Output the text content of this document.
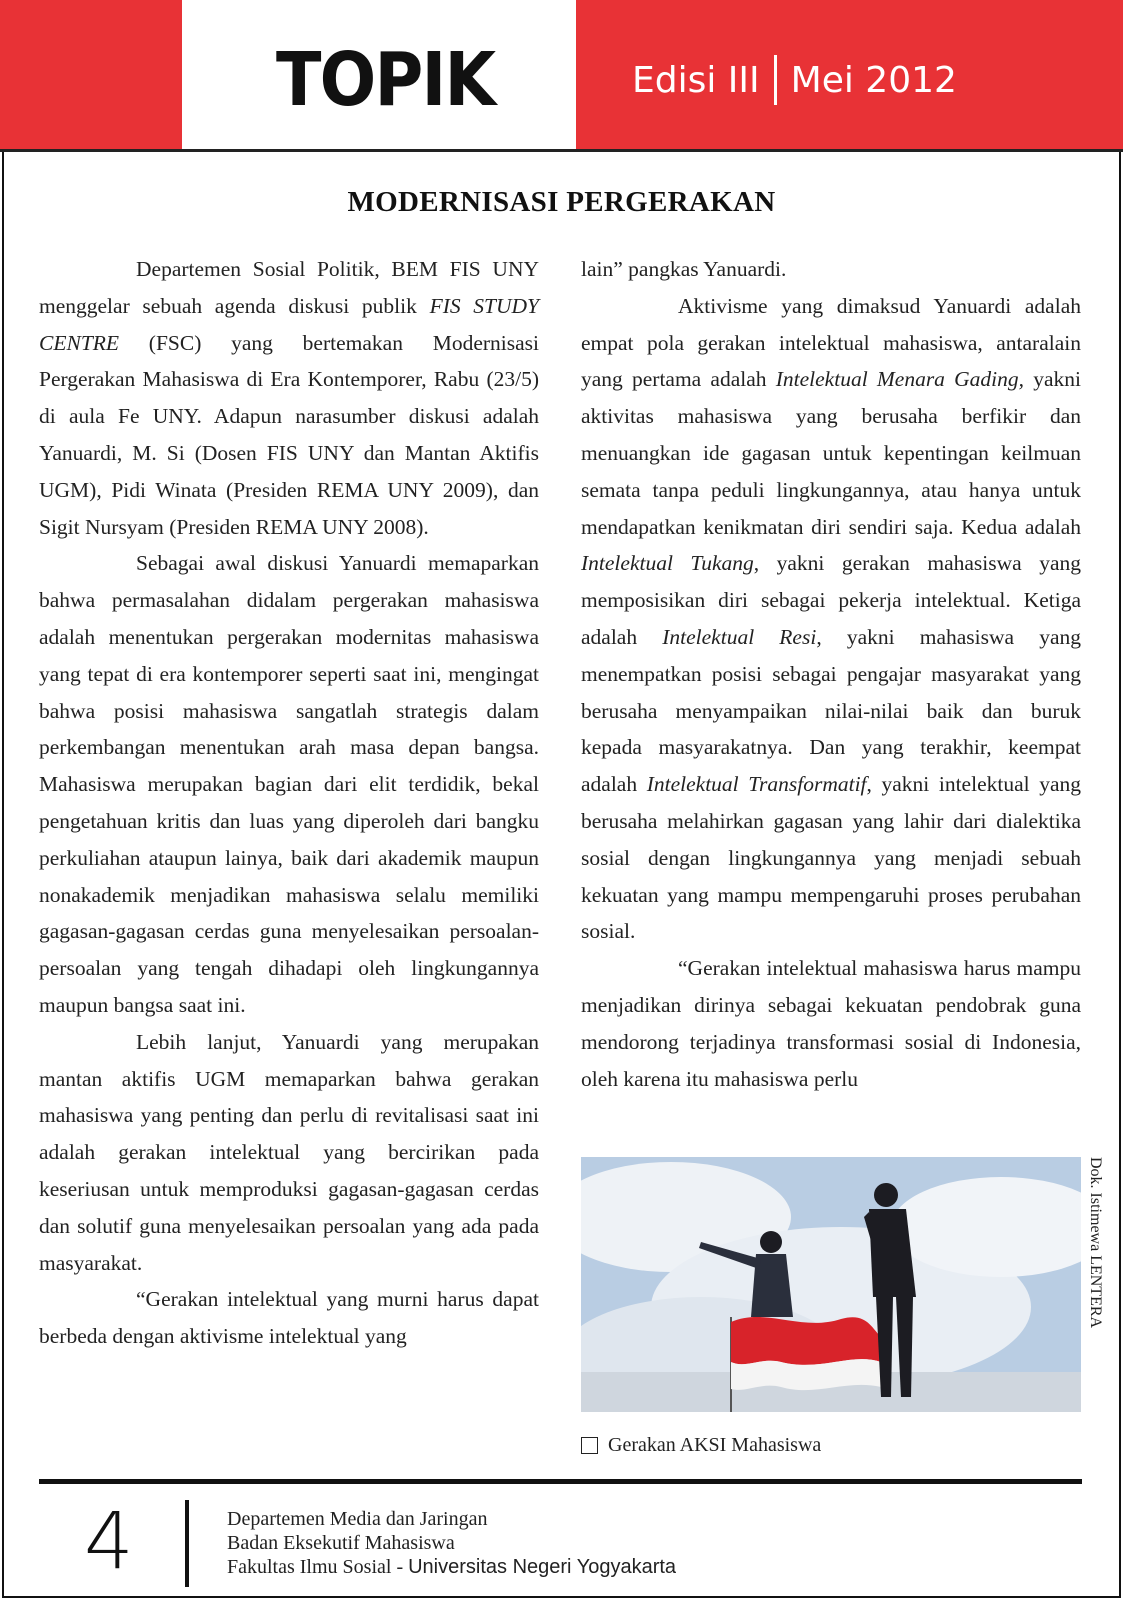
TOPIK	Edisi III Mei 2012
MODERNISASI PERGERAKAN

Departemen Sosial Politik, BEM FIS UNY menggelar sebuah agenda diskusi publik FIS STUDY CENTRE (FSC) yang bertemakan Modernisasi Pergerakan Mahasiswa di Era Kontemporer, Rabu (23/5) di aula Fe UNY. Adapun narasumber diskusi adalah Yanuardi, M. Si (Dosen FIS UNY dan Mantan Aktifis UGM), Pidi Winata (Presiden REMA UNY 2009), dan Sigit Nursyam (Presiden REMA UNY 2008).

Sebagai awal diskusi Yanuardi memaparkan bahwa permasalahan didalam pergerakan mahasiswa adalah menentukan pergerakan modernitas mahasiswa yang tepat di era kontemporer seperti saat ini, mengingat bahwa posisi mahasiswa sangatlah strategis dalam perkembangan menentukan arah masa depan bangsa. Mahasiswa merupakan bagian dari elit terdidik, bekal pengetahuan kritis dan luas yang diperoleh dari bangku perkuliahan ataupun lainya, baik dari akademik maupun nonakademik menjadikan mahasiswa selalu memiliki gagasan-gagasan cerdas guna menyelesaikan persoalan-persoalan yang tengah dihadapi oleh lingkungannya maupun bangsa saat ini.

Lebih lanjut, Yanuardi yang merupakan mantan aktifis UGM memaparkan bahwa gerakan mahasiswa yang penting dan perlu di revitalisasi saat ini adalah gerakan intelektual yang bercirikan pada keseriusan untuk memproduksi gagasan-gagasan cerdas dan solutif guna menyelesaikan persoalan yang ada pada masyarakat.

“Gerakan intelektual yang murni harus dapat berbeda dengan aktivisme intelektual yang

lain” pangkas Yanuardi.

Aktivisme yang dimaksud Yanuardi adalah empat pola gerakan intelektual mahasiswa, antaralain yang pertama adalah Intelektual Menara Gading, yakni aktivitas mahasiswa yang berusaha berfikir dan menuangkan ide gagasan untuk kepentingan keilmuan semata tanpa peduli lingkungannya, atau hanya untuk mendapatkan kenikmatan diri sendiri saja. Kedua adalah Intelektual Tukang, yakni gerakan mahasiswa yang memposisikan diri sebagai pekerja intelektual. Ketiga adalah Intelektual Resi, yakni mahasiswa yang menempatkan posisi sebagai pengajar masyarakat yang berusaha menyampaikan nilai-nilai baik dan buruk kepada masyarakatnya. Dan yang terakhir, keempat adalah Intelektual Transformatif, yakni intelektual yang berusaha melahirkan gagasan yang lahir dari dialektika sosial dengan lingkungannya yang menjadi sebuah kekuatan yang mampu mempengaruhi proses perubahan sosial.

“Gerakan intelektual mahasiswa harus mampu menjadikan dirinya sebagai kekuatan pendobrak guna mendorong terjadinya transformasi sosial di Indonesia, oleh karena itu mahasiswa perlu

Dok. Istimewa LENTERA
Gerakan AKSI Mahasiswa
4	Departemen Media dan Jaringan
Badan Eksekutif Mahasiswa
Fakultas Ilmu Sosial - Universitas Negeri Yogyakarta
